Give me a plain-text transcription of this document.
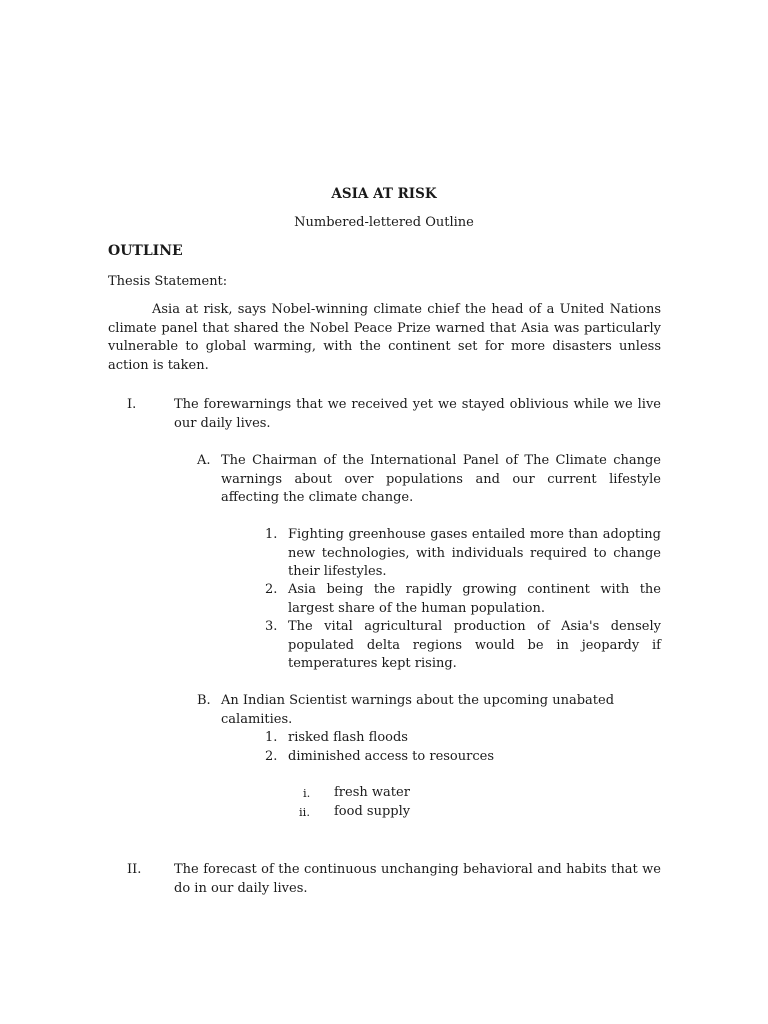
ASIA AT RISK
Numbered-lettered Outline
OUTLINE
Thesis Statement:
Asia at risk, says Nobel-winning climate chief the head of a United Nations climate panel that shared the Nobel Peace Prize warned that Asia was particularly vulnerable to global warming, with the continent set for more disasters unless action is taken.
I.	The forewarnings that we received yet we stayed oblivious while we live our daily lives.
A. The Chairman of the International Panel of The Climate change warnings about over populations and our current lifestyle affecting the climate change.
1. Fighting greenhouse gases entailed more than adopting new technologies, with individuals required to change their lifestyles.
2. Asia being the rapidly growing continent with the largest share of the human population.
3. The vital agricultural production of Asia's densely populated delta regions would be in jeopardy if temperatures kept rising.
B. An Indian Scientist warnings about the upcoming unabated calamities.
1. risked flash floods
2. diminished access to resources
i. fresh water
ii. food supply
II.	The forecast of the continuous unchanging behavioral and habits that we do in our daily lives.
